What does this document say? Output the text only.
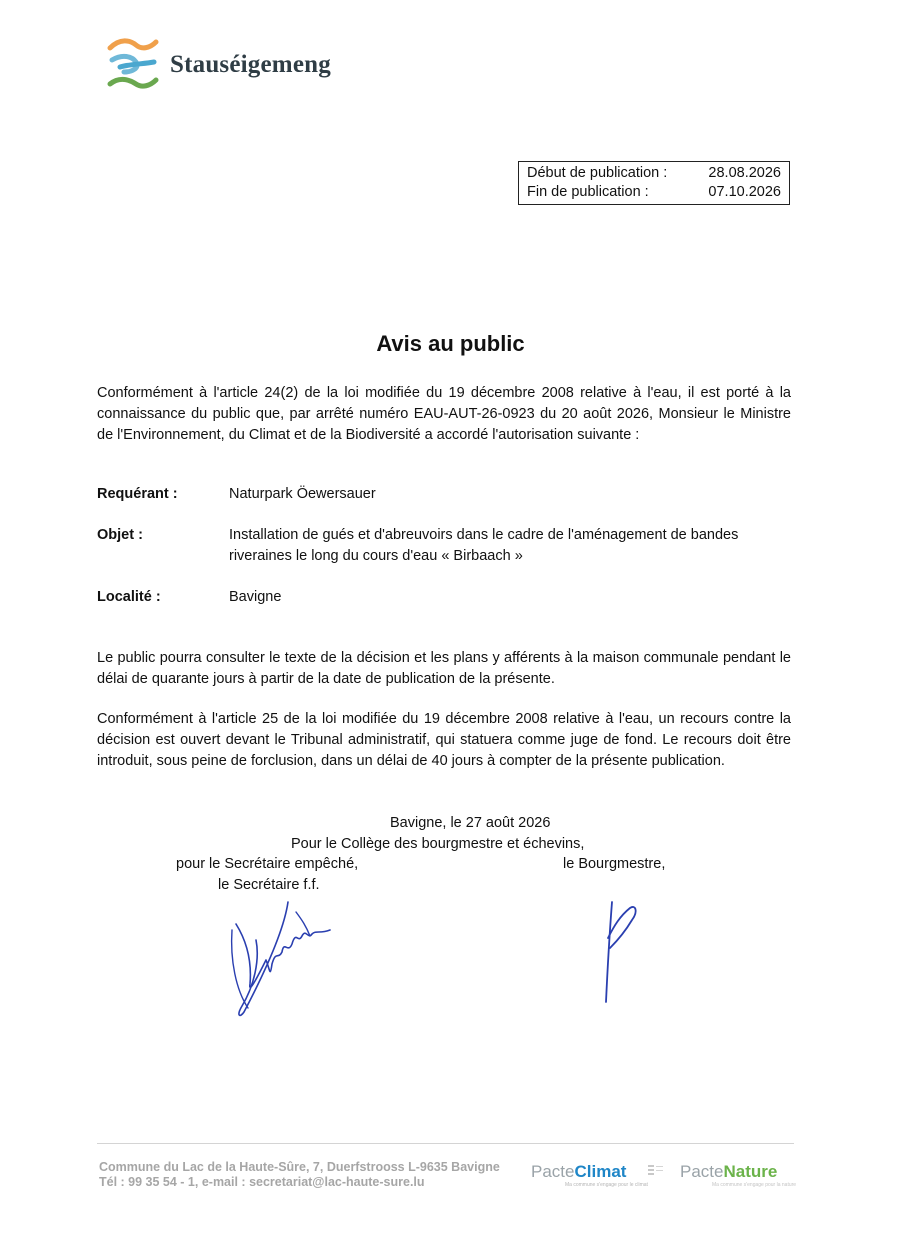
Stauséigemeng
Début de publication :	28.08.2026
Fin de publication :	07.10.2026
Avis au public
Conformément à l'article 24(2) de la loi modifiée du 19 décembre 2008 relative à l'eau, il est porté à la connaissance du public que, par arrêté numéro EAU-AUT-26-0923 du 20 août 2026, Monsieur le Ministre de l'Environnement, du Climat et de la Biodiversité a accordé l'autorisation suivante :
Requérant :	Naturpark Öewersauer
Objet :	Installation de gués et d'abreuvoirs dans le cadre de l'aménagement de bandes riveraines le long du cours d'eau « Birbaach »
Localité :	Bavigne
Le public pourra consulter le texte de la décision et les plans y afférents à la maison communale pendant le délai de quarante jours à partir de la date de publication de la présente.
Conformément à l'article 25 de la loi modifiée du 19 décembre 2008 relative à l'eau, un recours contre la décision est ouvert devant le Tribunal administratif, qui statuera comme juge de fond. Le recours doit être introduit, sous peine de forclusion, dans un délai de 40 jours à compter de la présente publication.
Bavigne, le 27 août 2026
Pour le Collège des bourgmestre et échevins,
pour le Secrétaire empêché,	le Bourgmestre,
le Secrétaire f.f.
Commune du Lac de la Haute-Sûre, 7, Duerfstrooss L-9635 Bavigne
Tél : 99 35 54 - 1, e-mail : secretariat@lac-haute-sure.lu
PacteClimat
Ma commune s'engage pour le climat
PacteNature
Ma commune s'engage pour la nature
